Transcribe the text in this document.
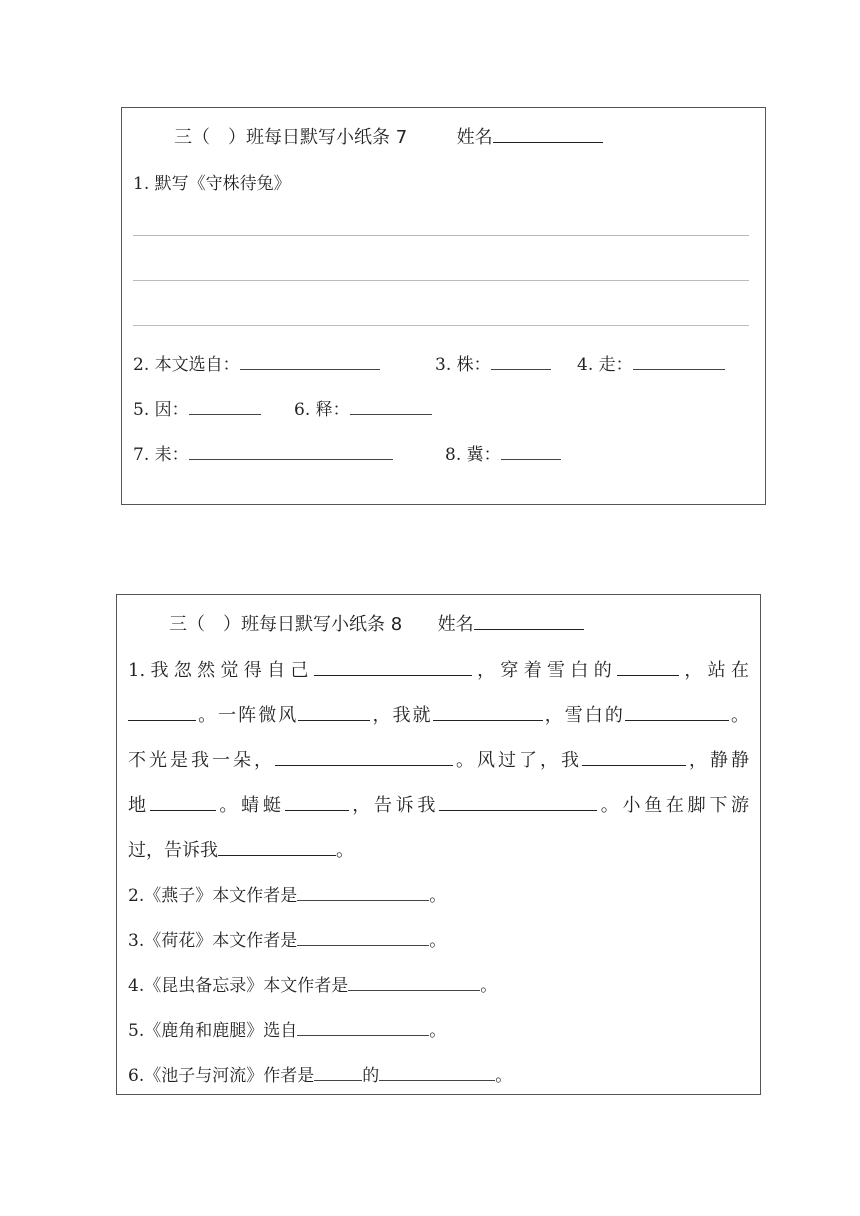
三（　）班每日默写小纸条 7	姓名
1. 默写《守株待兔》
2. 本文选自：	3. 株：	4. 走：
5. 因：	6. 释：
7. 耒：	8. 冀：
三（　）班每日默写小纸条 8 姓名
1.我忽然觉得自己	，穿着雪白的	，站在
。一阵微风	，我就	，雪白的	。
不光是我一朵，	。风过了，我	，静静
地	。蜻蜓	，告诉我	。小鱼在脚下游
过，告诉我	。
2.《燕子》本文作者是	。
3.《荷花》本文作者是	。
4.《昆虫备忘录》本文作者是	。
5.《鹿角和鹿腿》选自	。
6.《池子与河流》作者是	的	。
